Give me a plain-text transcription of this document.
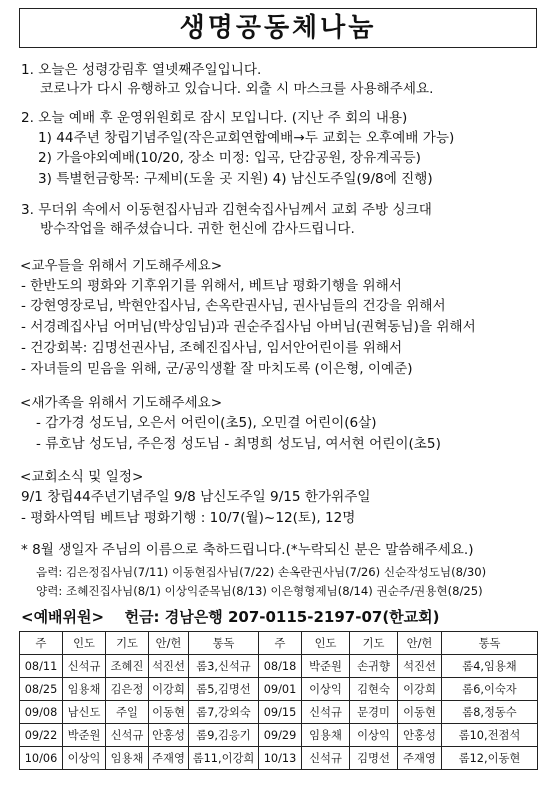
생명공동체나눔
1. 오늘은 성령강림후 열넷째주일입니다.
코로나가 다시 유행하고 있습니다. 외출 시 마스크를 사용해주세요.
2. 오늘 예배 후 운영위원회로 잠시 모입니다. (지난 주 회의 내용)
1) 44주년 창립기념주일(작은교회연합예배→두 교회는 오후예배 가능)
2) 가을야외예배(10/20, 장소 미정: 입곡, 단감공원, 장유계곡등)
3) 특별헌금항목: 구제비(도울 곳 지원) 4) 남신도주일(9/8에 진행)
3. 무더위 속에서 이동현집사님과 김현숙집사님께서 교회 주방 싱크대
방수작업을 해주셨습니다. 귀한 헌신에 감사드립니다.
<교우들을 위해서 기도해주세요>
- 한반도의 평화와 기후위기를 위해서, 베트남 평화기행을 위해서
- 강현영장로님, 박현안집사님, 손옥란권사님, 권사님들의 건강을 위해서
- 서경례집사님 어머님(박상임님)과 권순주집사님 아버님(권혁동님)을 위해서
- 건강회복: 김명선권사님, 조혜진집사님, 임서안어린이를 위해서
- 자녀들의 믿음을 위해, 군/공익생활 잘 마치도록 (이은형, 이예준)
<새가족을 위해서 기도해주세요>
- 감가경 성도님, 오은서 어린이(초5), 오민결 어린이(6살)
- 류호남 성도님, 주은정 성도님 - 최명희 성도님, 여서현 어린이(초5)
<교회소식 및 일정>
9/1 창립44주년기념주일 9/8 남신도주일 9/15 한가위주일
- 평화사역팀 베트남 평화기행 : 10/7(월)~12(토), 12명
* 8월 생일자 주님의 이름으로 축하드립니다.(*누락되신 분은 말씀해주세요.)
음력: 김은정집사님(7/11) 이동현집사님(7/22) 손옥란권사님(7/26) 신순작성도님(8/30)
양력: 조혜진집사님(8/1) 이상익준목님(8/13) 이은형형제님(8/14) 권순주/권용현(8/25)
<예배위원> 헌금: 경남은행 207-0115-2197-07(한교회)
주	인도	기도	안/헌	통독	주	인도	기도	안/헌	통독
08/11	신석규	조혜진	석진선	롬3,신석규	08/18	박준원	손귀향	석진선	롬4,임용채
08/25	임용채	김은정	이강희	롬5,김명선	09/01	이상익	김현숙	이강희	롬6,이숙자
09/08	남신도	주일	이동현	롬7,강외숙	09/15	신석규	문경미	이동현	롬8,정동수
09/22	박준원	신석규	안홍성	롬9,김응기	09/29	임용채	이상익	안홍성	롬10,전점석
10/06	이상익	임용채	주재영	롬11,이강희	10/13	신석규	김명선	주재영	롬12,이동현
